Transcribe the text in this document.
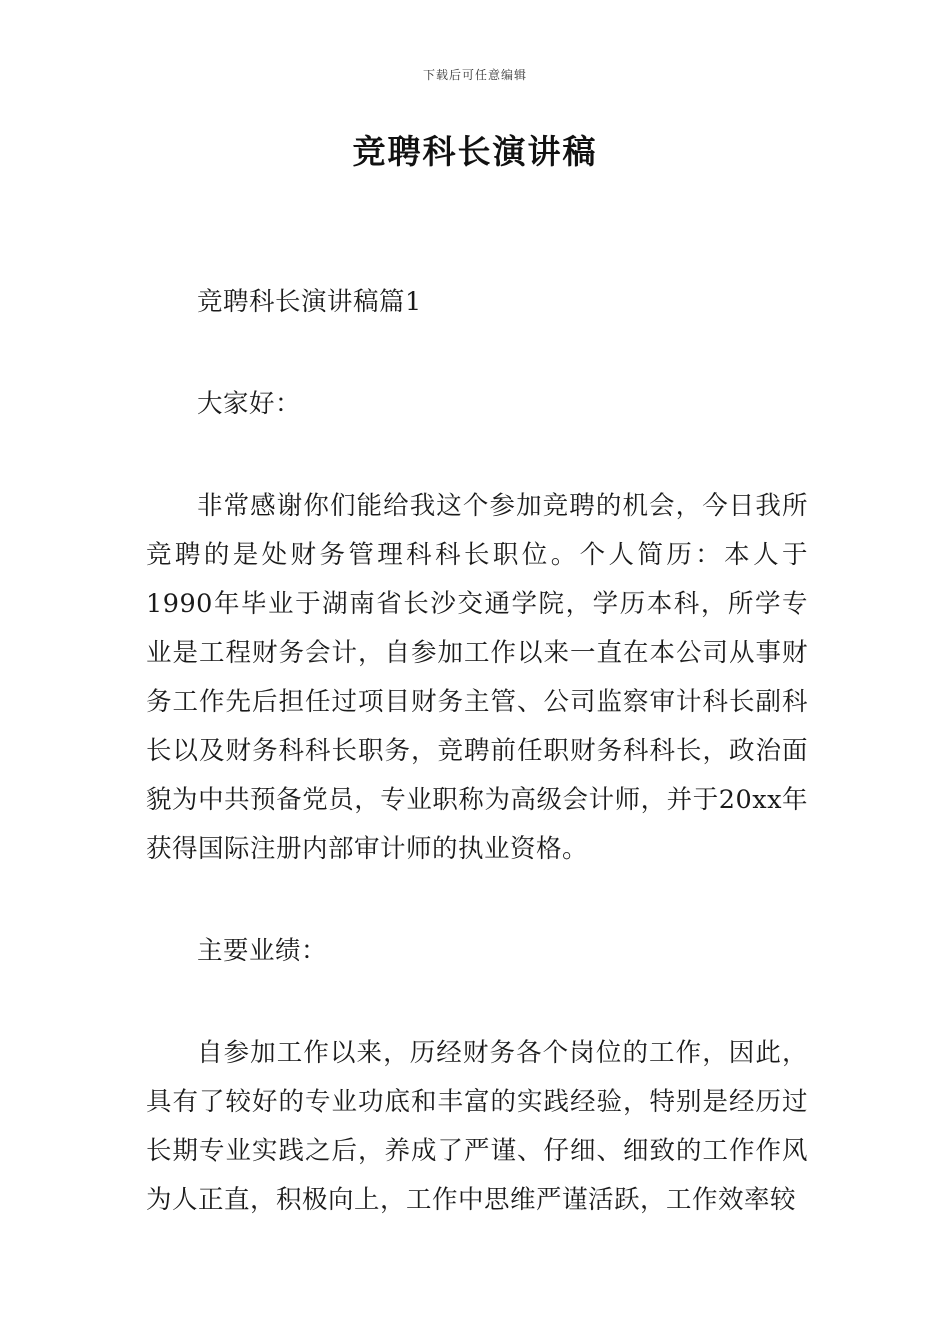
下载后可任意编辑
竞聘科长演讲稿

竞聘科长演讲稿篇1

大家好：

非常感谢你们能给我这个参加竞聘的机会，今日我所竞聘的是处财务管理科科长职位。个人简历：本人于1990年毕业于湖南省长沙交通学院，学历本科，所学专业是工程财务会计，自参加工作以来一直在本公司从事财务工作先后担任过项目财务主管、公司监察审计科长副科长以及财务科科长职务，竞聘前任职财务科科长，政治面貌为中共预备党员，专业职称为高级会计师，并于20xx年获得国际注册内部审计师的执业资格。

主要业绩：

自参加工作以来，历经财务各个岗位的工作，因此，具有了较好的专业功底和丰富的实践经验，特别是经历过长期专业实践之后，养成了严谨、仔细、细致的工作作风为人正直，积极向上，工作中思维严谨活跃，工作效率较
